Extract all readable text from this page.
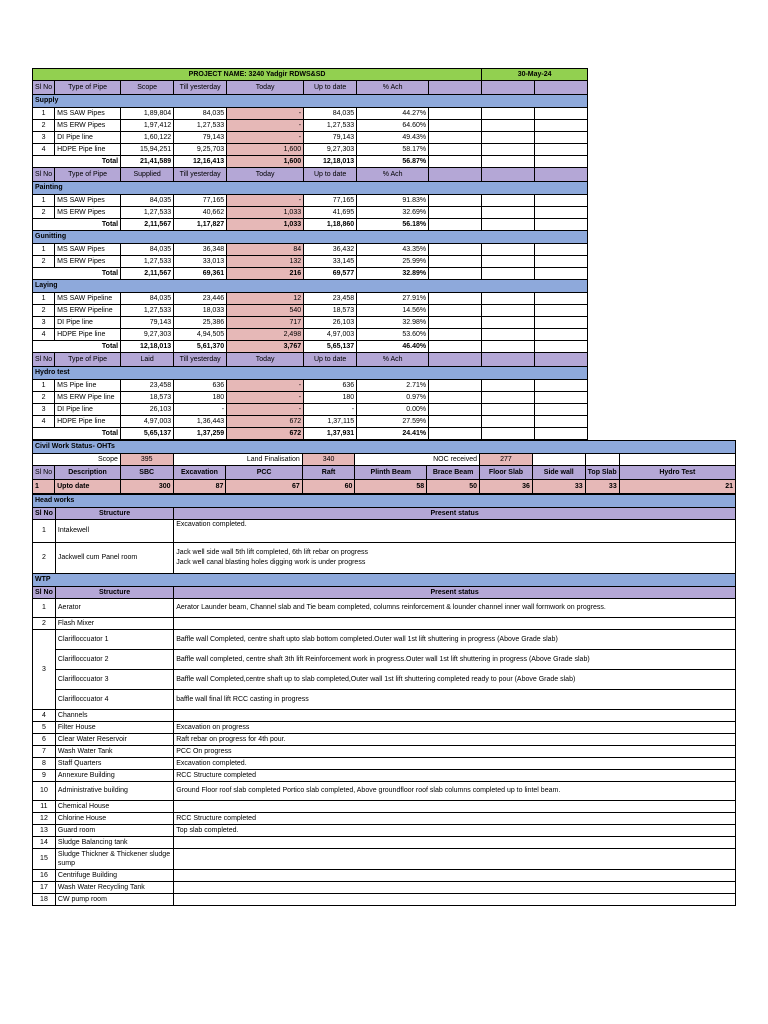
PROJECT NAME: 3240 Yadgir RDWS&SD								30-May-24		
Sl No	Type of Pipe	Scope	Till yesterday	Today	Up to date	% Ach				
Supply										
1	MS SAW Pipes	1,89,804	84,035	-	84,035	44.27%				
2	MS ERW Pipes	1,97,412	1,27,533	-	1,27,533	64.60%				
3	DI Pipe line	1,60,122	79,143	-	79,143	49.43%				
4	HDPE Pipe line	15,94,251	9,25,703	1,600	9,27,303	58.17%				
Total		21,41,589	12,16,413	1,600	12,18,013	56.87%				
Sl No	Type of Pipe	Supplied	Till yesterday	Today	Up to date	% Ach				
Painting										
1	MS SAW Pipes	84,035	77,165	-	77,165	91.83%				
2	MS ERW Pipes	1,27,533	40,662	1,033	41,695	32.69%				
Total		2,11,567	1,17,827	1,033	1,18,860	56.18%				
Gunitting										
1	MS SAW Pipes	84,035	36,348	84	36,432	43.35%				
2	MS ERW Pipes	1,27,533	33,013	132	33,145	25.99%				
Total		2,11,567	69,361	216	69,577	32.89%				
Laying										
1	MS SAW Pipeline	84,035	23,446	12	23,458	27.91%				
2	MS ERW Pipeline	1,27,533	18,033	540	18,573	14.56%				
3	DI Pipe line	79,143	25,386	717	26,103	32.98%				
4	HDPE Pipe line	9,27,303	4,94,505	2,498	4,97,003	53.60%				
Total		12,18,013	5,61,370	3,767	5,65,137	46.40%				
Sl No	Type of Pipe	Laid	Till yesterday	Today	Up to date	% Ach				
Hydro test										
1	MS Pipe line	23,458	636	-	636	2.71%				
2	MS ERW Pipe line	18,573	180	-	180	0.97%				
3	DI Pipe line	26,103	-	-	-	0.00%				
4	HDPE Pipe line	4,97,003	1,36,443	672	1,37,115	27.59%				
Total		5,65,137	1,37,259	672	1,37,931	24.41%				
Civil Work Status- OHTs											
Scope		395	Land Finalisation		340	NOC received		277			
Sl No	Description	SBC	Excavation	PCC	Raft	Plinth Beam	Brace Beam	Floor Slab	Side wall	Top Slab	Hydro Test
1	Upto date	300	87	67	60	58	50	36	33	33	21
Head works		
Sl No	Structure	Present status
1	Intakewell	Excavation completed.
2	Jackwell cum Panel room	Jack well side wall 5th lift completed, 6th lift rebar on progress
Jack well canal blasting holes digging work is under progress

WTP		
Sl No	Structure	Present status
1	Aerator	Aerator Launder beam, Channel slab and Tie beam completed, columns reinforcement & lounder channel inner wall formwork on progress.
2	Flash Mixer	
3	Clarifloccuator 1	Baffle wall Completed, centre shaft upto slab bottom completed.Outer wall 1st lift shuttering in progress (Above Grade slab)
	Clarifloccuator 2	Baffle wall completed, centre shaft 3th lift Reinforcement work in progress.Outer wall 1st lift shuttering in progress (Above Grade slab)
	Clarifloccuator 3	Baffle wall Completed,centre shaft up to slab completed,Outer wall 1st lift shuttering completed ready to pour (Above Grade slab)
	Clarifloccuator 4	baffle wall final lift RCC casting in progress
4	Channels	
5	Filter House	Excavation on progress
6	Clear Water Reservoir	Raft rebar on progress for 4th pour.
7	Wash Water Tank	PCC On progress
8	Staff Quarters	Excavation completed.
9	Annexure Building	RCC Structure completed
10	Administrative building	Ground Floor roof slab completed Portico slab completed, Above groundfloor roof slab columns completed up to lintel beam.
11	Chemical House	
12	Chlorine House	RCC Structure completed
13	Guard room	Top slab completed.
14	Sludge Balancing tank	
15	Sludge Thickner & Thickener sludge sump	
16	Centrifuge Building	
17	Wash Water Recycling Tank	
18	CW pump room	
